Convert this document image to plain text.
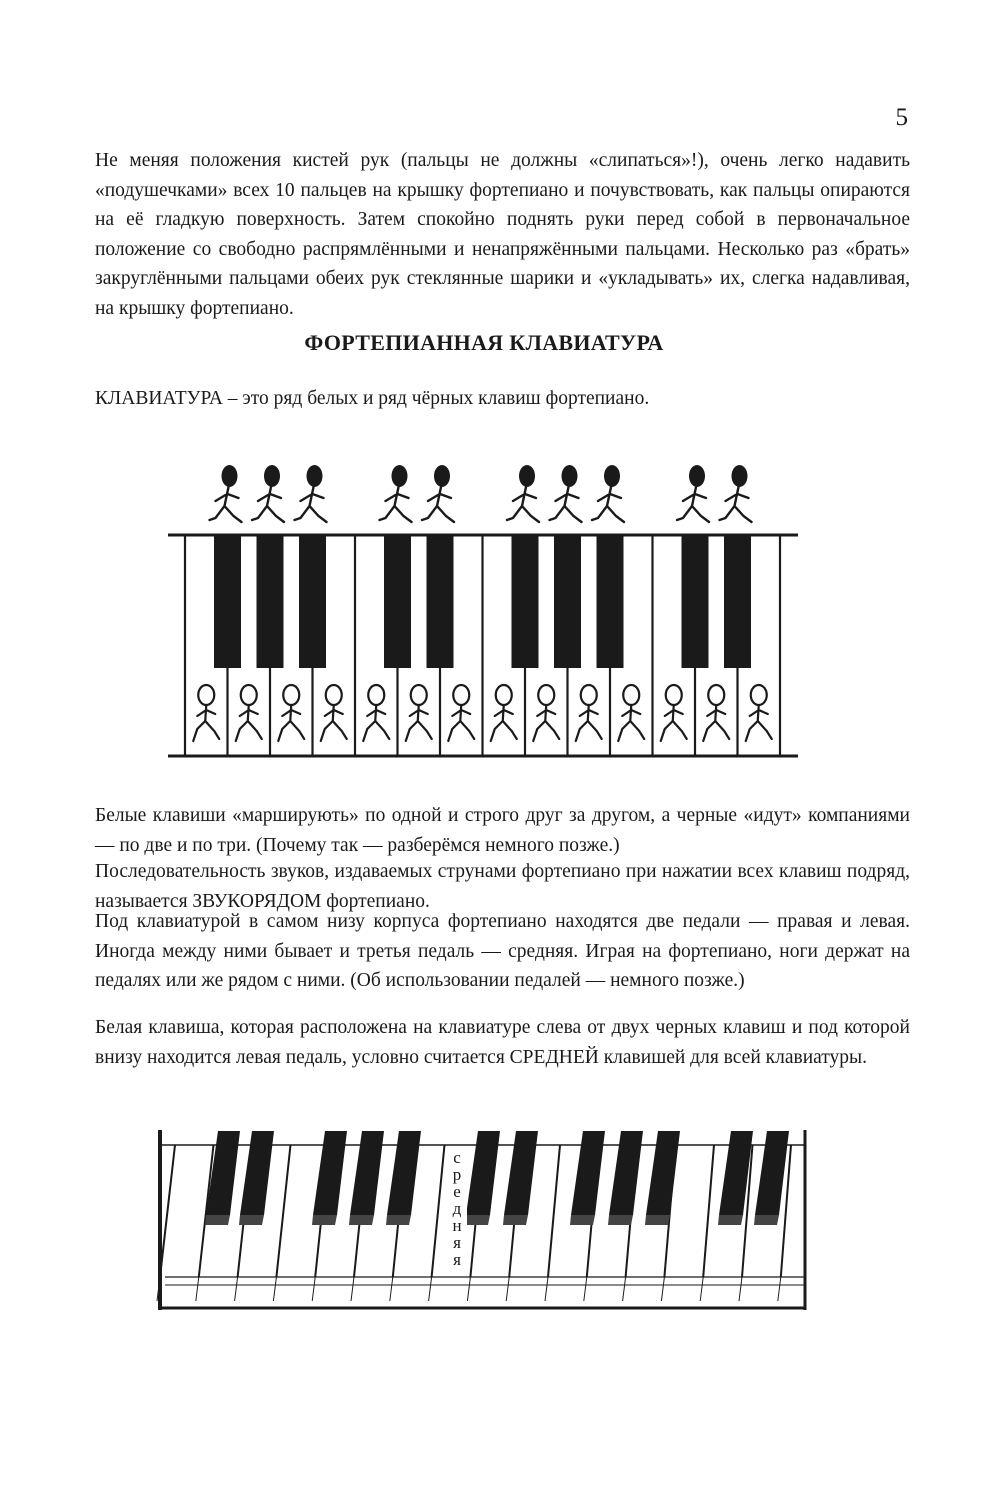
5

Не меняя положения кистей рук (пальцы не должны «слипаться»!), очень легко надавить «подушечками» всех 10 пальцев на крышку фортепиано и почувствовать, как пальцы опираются на её гладкую поверхность. Затем спокойно поднять руки перед собой в первоначальное положение со свободно распрямлёнными и ненапряжёнными пальцами. Несколько раз «брать» закруглёнными пальцами обеих рук стеклянные шарики и «укладывать» их, слегка надавливая, на крышку фортепиано.

ФОРТЕПИАННАЯ КЛАВИАТУРА

КЛАВИАТУРА – это ряд белых и ряд чёрных клавиш фортепиано.

Белые клавиши «марширують» по одной и строго друг за другом, а черные «идут» компаниями — по две и по три. (Почему так — разберёмся немного позже.)

Последовательность звуков, издаваемых струнами фортепиано при нажатии всех клавиш подряд, называется ЗВУКОРЯДОМ фортепиано.

Под клавиатурой в самом низу корпуса фортепиано находятся две педали — правая и левая. Иногда между ними бывает и третья педаль — средняя. Играя на фортепиано, ноги держат на педалях или же рядом с ними. (Об использовании педалей — немного позже.)

Белая клавиша, которая расположена на клавиатуре слева от двух черных клавиш и под которой внизу находится левая педаль, условно считается СРЕДНЕЙ клавишей для всей клавиатуры.

с р е д н я я
